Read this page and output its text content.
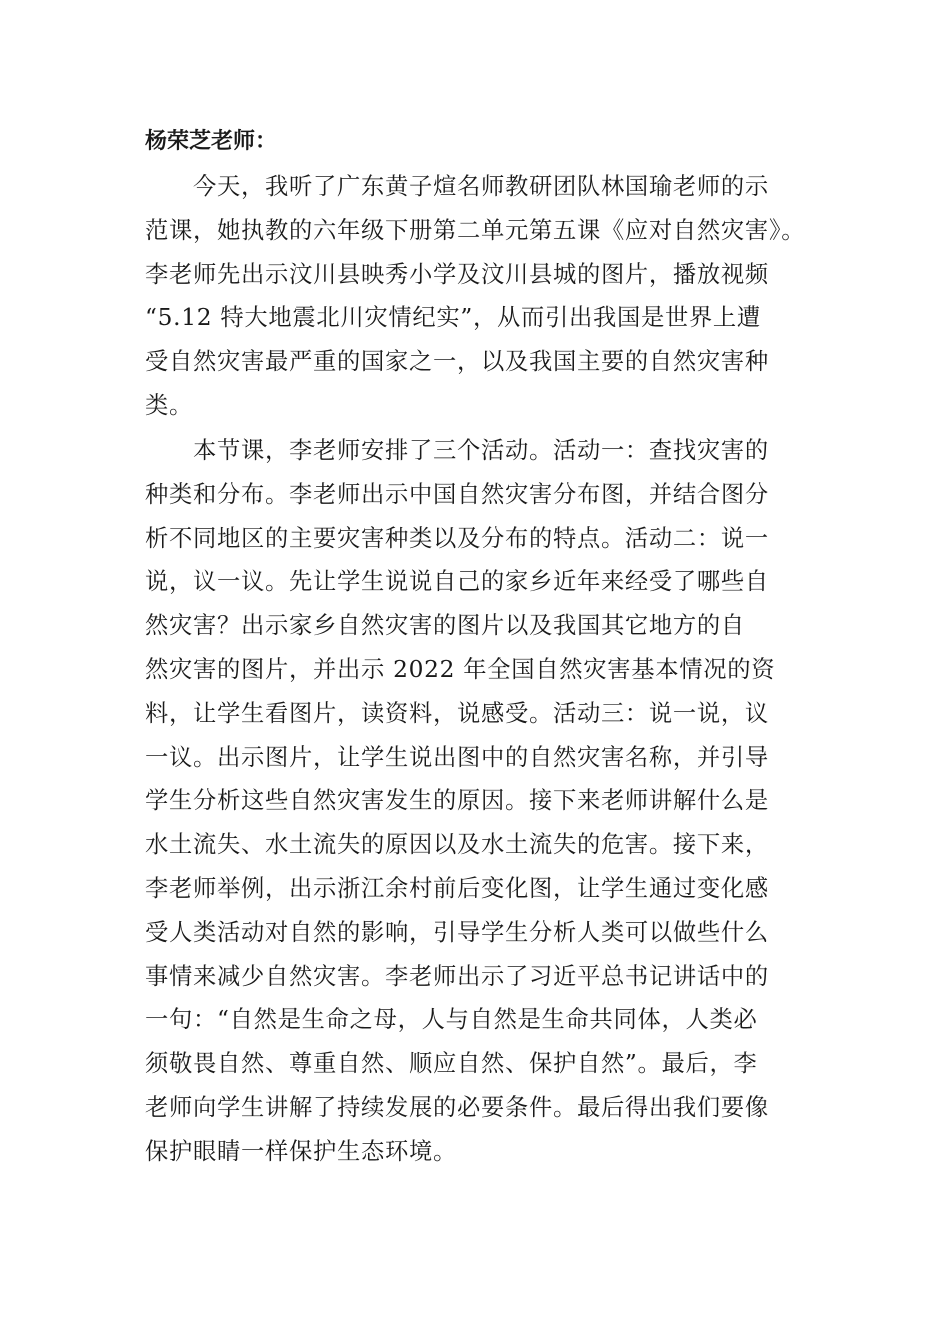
杨荣芝老师：
　　今天，我听了广东黄子煊名师教研团队林国瑜老师的示
范课，她执教的六年级下册第二单元第五课《应对自然灾害》。
李老师先出示汶川县映秀小学及汶川县城的图片，播放视频
“5.12 特大地震北川灾情纪实”，从而引出我国是世界上遭
受自然灾害最严重的国家之一，以及我国主要的自然灾害种
类。
　　本节课，李老师安排了三个活动。活动一：查找灾害的
种类和分布。李老师出示中国自然灾害分布图，并结合图分
析不同地区的主要灾害种类以及分布的特点。活动二：说一
说，议一议。先让学生说说自己的家乡近年来经受了哪些自
然灾害？出示家乡自然灾害的图片以及我国其它地方的自
然灾害的图片，并出示 2022 年全国自然灾害基本情况的资
料，让学生看图片，读资料，说感受。活动三：说一说，议
一议。出示图片，让学生说出图中的自然灾害名称，并引导
学生分析这些自然灾害发生的原因。接下来老师讲解什么是
水土流失、水土流失的原因以及水土流失的危害。接下来，
李老师举例，出示浙江余村前后变化图，让学生通过变化感
受人类活动对自然的影响，引导学生分析人类可以做些什么
事情来减少自然灾害。李老师出示了习近平总书记讲话中的
一句：“自然是生命之母，人与自然是生命共同体，人类必
须敬畏自然、尊重自然、顺应自然、保护自然”。最后，李
老师向学生讲解了持续发展的必要条件。最后得出我们要像
保护眼睛一样保护生态环境。
